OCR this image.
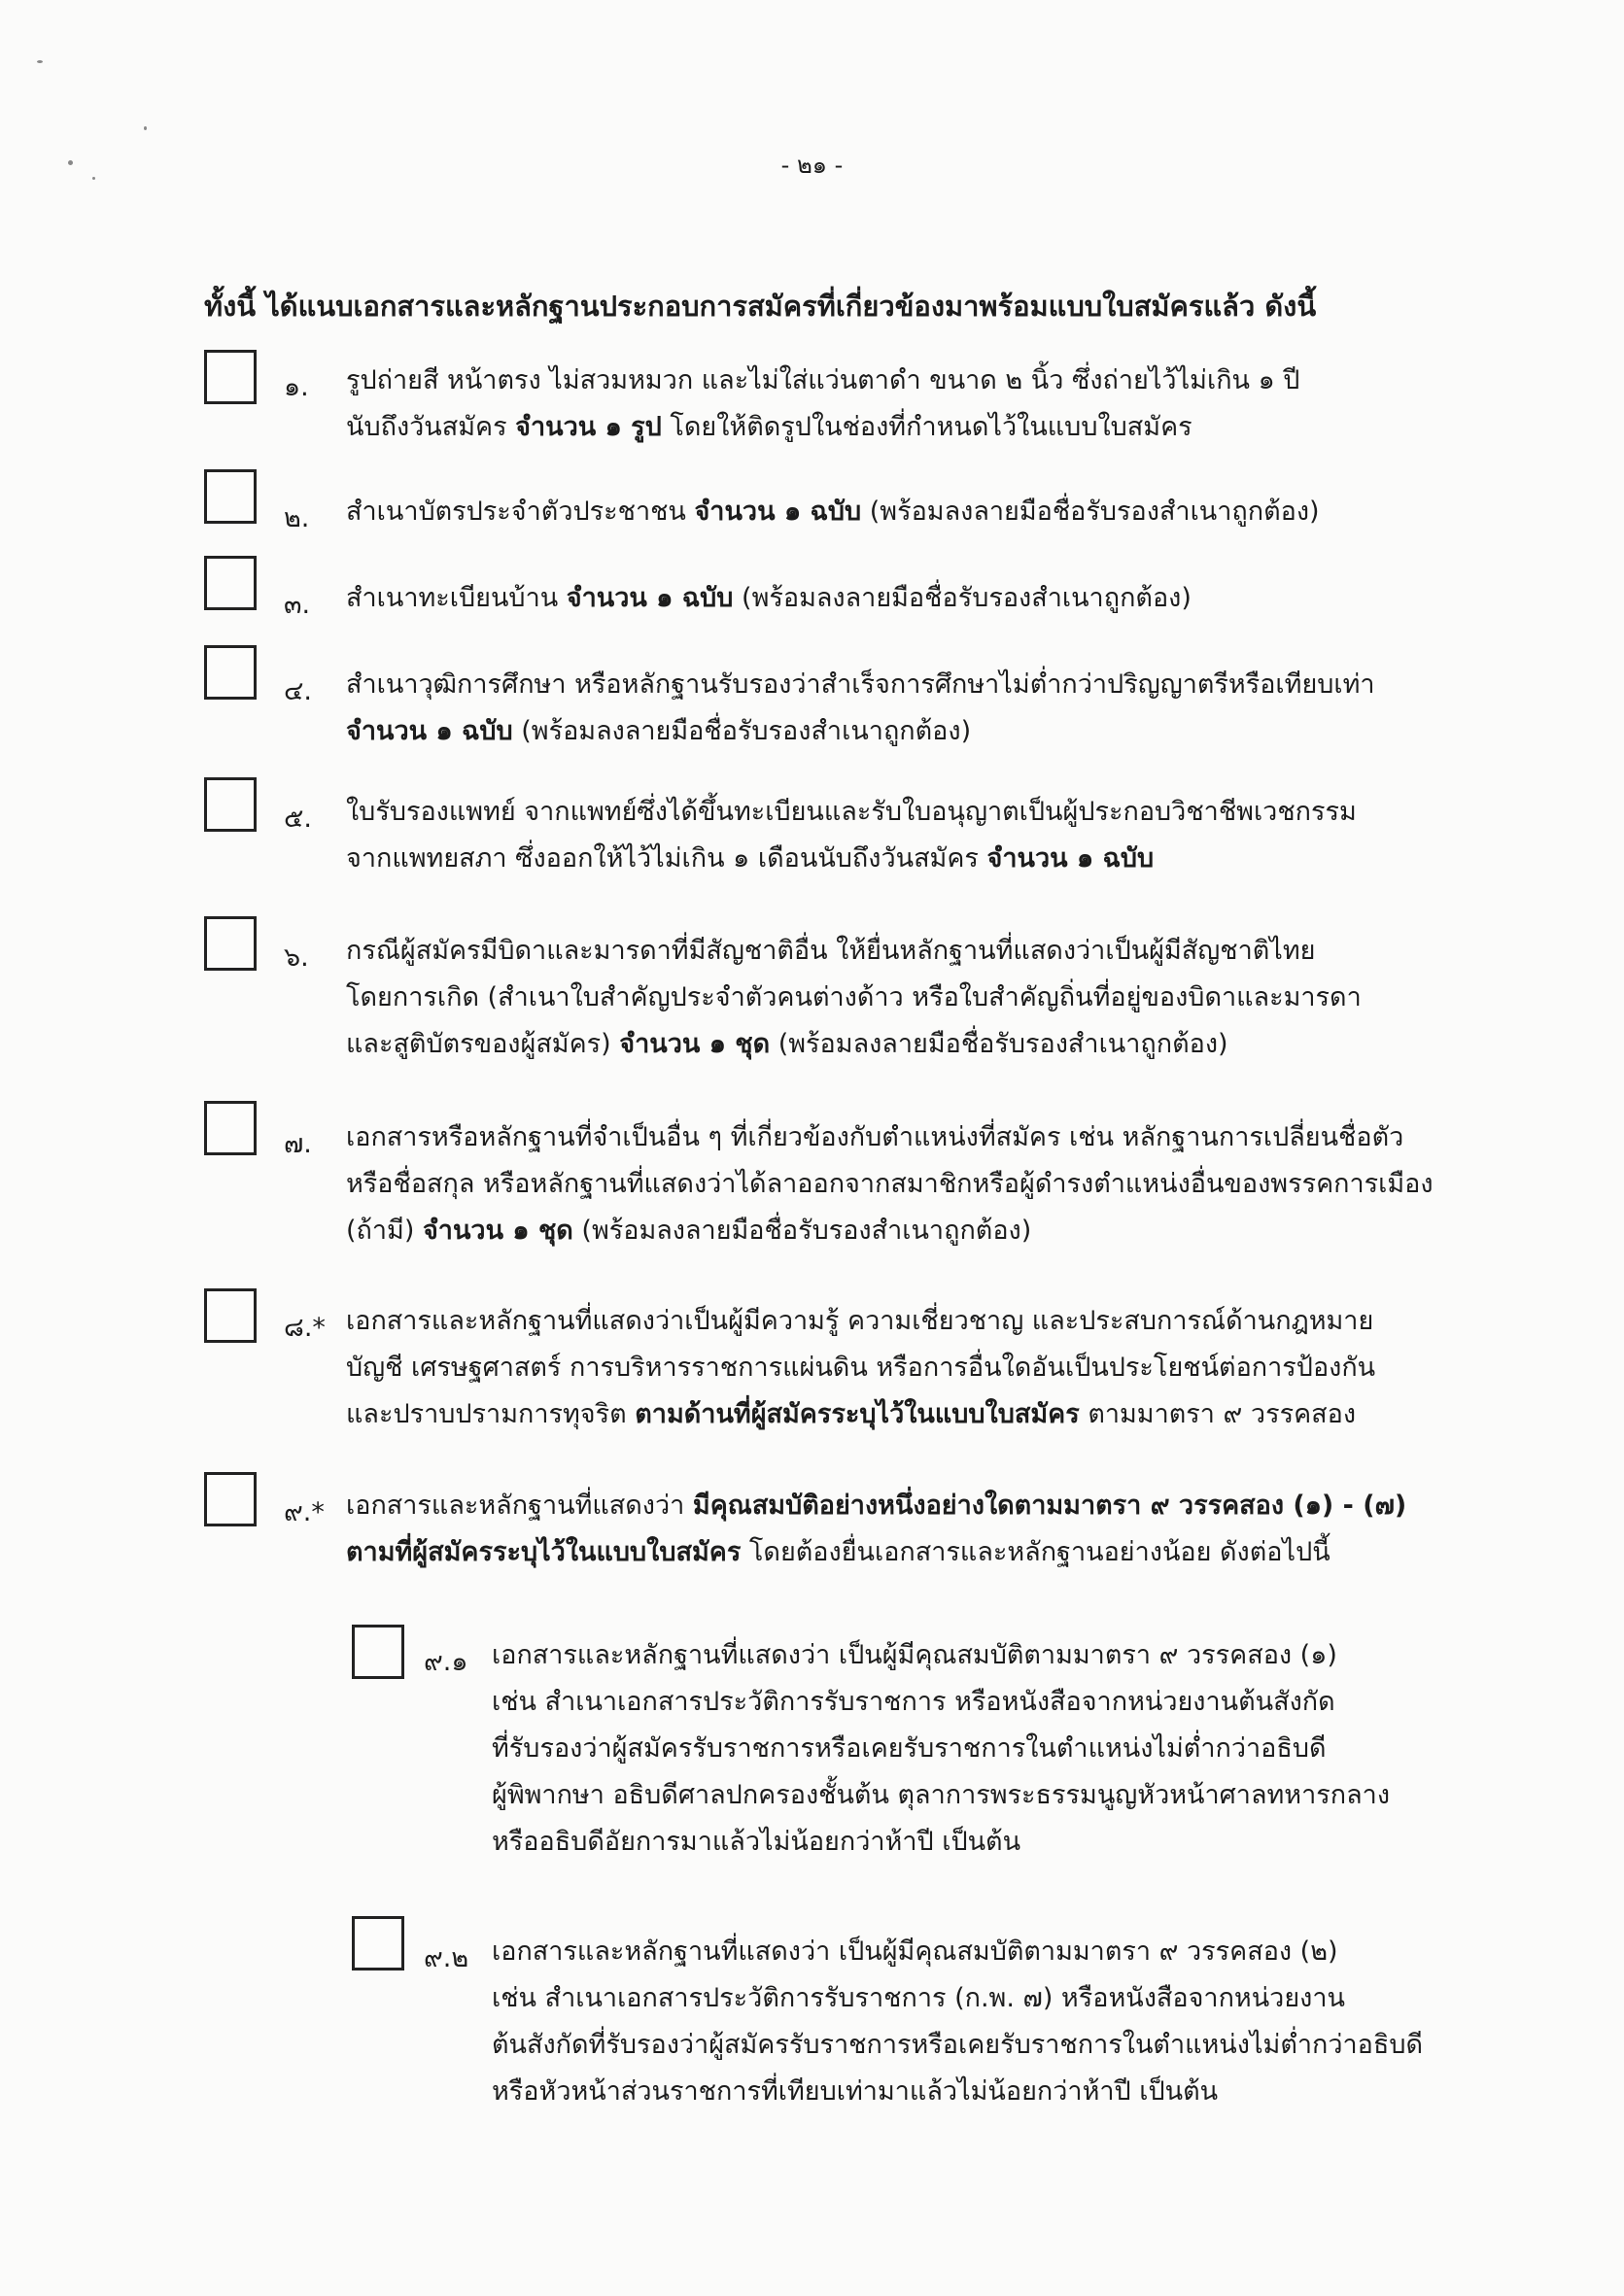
- ๒๑ -
ทั้งนี้ ได้แนบเอกสารและหลักฐานประกอบการสมัครที่เกี่ยวข้องมาพร้อมแบบใบสมัครแล้ว ดังนี้
๑. รูปถ่ายสี หน้าตรง ไม่สวมหมวก และไม่ใส่แว่นตาดำ ขนาด ๒ นิ้ว ซึ่งถ่ายไว้ไม่เกิน ๑ ปี
นับถึงวันสมัคร จำนวน ๑ รูป โดยให้ติดรูปในช่องที่กำหนดไว้ในแบบใบสมัคร
๒. สำเนาบัตรประจำตัวประชาชน จำนวน ๑ ฉบับ (พร้อมลงลายมือชื่อรับรองสำเนาถูกต้อง)
๓. สำเนาทะเบียนบ้าน จำนวน ๑ ฉบับ (พร้อมลงลายมือชื่อรับรองสำเนาถูกต้อง)
๔. สำเนาวุฒิการศึกษา หรือหลักฐานรับรองว่าสำเร็จการศึกษาไม่ต่ำกว่าปริญญาตรีหรือเทียบเท่า
จำนวน ๑ ฉบับ (พร้อมลงลายมือชื่อรับรองสำเนาถูกต้อง)
๕. ใบรับรองแพทย์ จากแพทย์ซึ่งได้ขึ้นทะเบียนและรับใบอนุญาตเป็นผู้ประกอบวิชาชีพเวชกรรม
จากแพทยสภา ซึ่งออกให้ไว้ไม่เกิน ๑ เดือนนับถึงวันสมัคร จำนวน ๑ ฉบับ
๖. กรณีผู้สมัครมีบิดาและมารดาที่มีสัญชาติอื่น ให้ยื่นหลักฐานที่แสดงว่าเป็นผู้มีสัญชาติไทย
โดยการเกิด (สำเนาใบสำคัญประจำตัวคนต่างด้าว หรือใบสำคัญถิ่นที่อยู่ของบิดาและมารดา
และสูติบัตรของผู้สมัคร) จำนวน ๑ ชุด (พร้อมลงลายมือชื่อรับรองสำเนาถูกต้อง)
๗. เอกสารหรือหลักฐานที่จำเป็นอื่น ๆ ที่เกี่ยวข้องกับตำแหน่งที่สมัคร เช่น หลักฐานการเปลี่ยนชื่อตัว
หรือชื่อสกุล หรือหลักฐานที่แสดงว่าได้ลาออกจากสมาชิกหรือผู้ดำรงตำแหน่งอื่นของพรรคการเมือง
(ถ้ามี) จำนวน ๑ ชุด (พร้อมลงลายมือชื่อรับรองสำเนาถูกต้อง)
๘.* เอกสารและหลักฐานที่แสดงว่าเป็นผู้มีความรู้ ความเชี่ยวชาญ และประสบการณ์ด้านกฎหมาย
บัญชี เศรษฐศาสตร์ การบริหารราชการแผ่นดิน หรือการอื่นใดอันเป็นประโยชน์ต่อการป้องกัน
และปราบปรามการทุจริต ตามด้านที่ผู้สมัครระบุไว้ในแบบใบสมัคร ตามมาตรา ๙ วรรคสอง
๙.* เอกสารและหลักฐานที่แสดงว่า มีคุณสมบัติอย่างหนึ่งอย่างใดตามมาตรา ๙ วรรคสอง (๑) - (๗)
ตามที่ผู้สมัครระบุไว้ในแบบใบสมัคร โดยต้องยื่นเอกสารและหลักฐานอย่างน้อย ดังต่อไปนี้
๙.๑ เอกสารและหลักฐานที่แสดงว่า เป็นผู้มีคุณสมบัติตามมาตรา ๙ วรรคสอง (๑)
เช่น สำเนาเอกสารประวัติการรับราชการ หรือหนังสือจากหน่วยงานต้นสังกัด
ที่รับรองว่าผู้สมัครรับราชการหรือเคยรับราชการในตำแหน่งไม่ต่ำกว่าอธิบดี
ผู้พิพากษา อธิบดีศาลปกครองชั้นต้น ตุลาการพระธรรมนูญหัวหน้าศาลทหารกลาง
หรืออธิบดีอัยการมาแล้วไม่น้อยกว่าห้าปี เป็นต้น
๙.๒ เอกสารและหลักฐานที่แสดงว่า เป็นผู้มีคุณสมบัติตามมาตรา ๙ วรรคสอง (๒)
เช่น สำเนาเอกสารประวัติการรับราชการ (ก.พ. ๗) หรือหนังสือจากหน่วยงาน
ต้นสังกัดที่รับรองว่าผู้สมัครรับราชการหรือเคยรับราชการในตำแหน่งไม่ต่ำกว่าอธิบดี
หรือหัวหน้าส่วนราชการที่เทียบเท่ามาแล้วไม่น้อยกว่าห้าปี เป็นต้น
